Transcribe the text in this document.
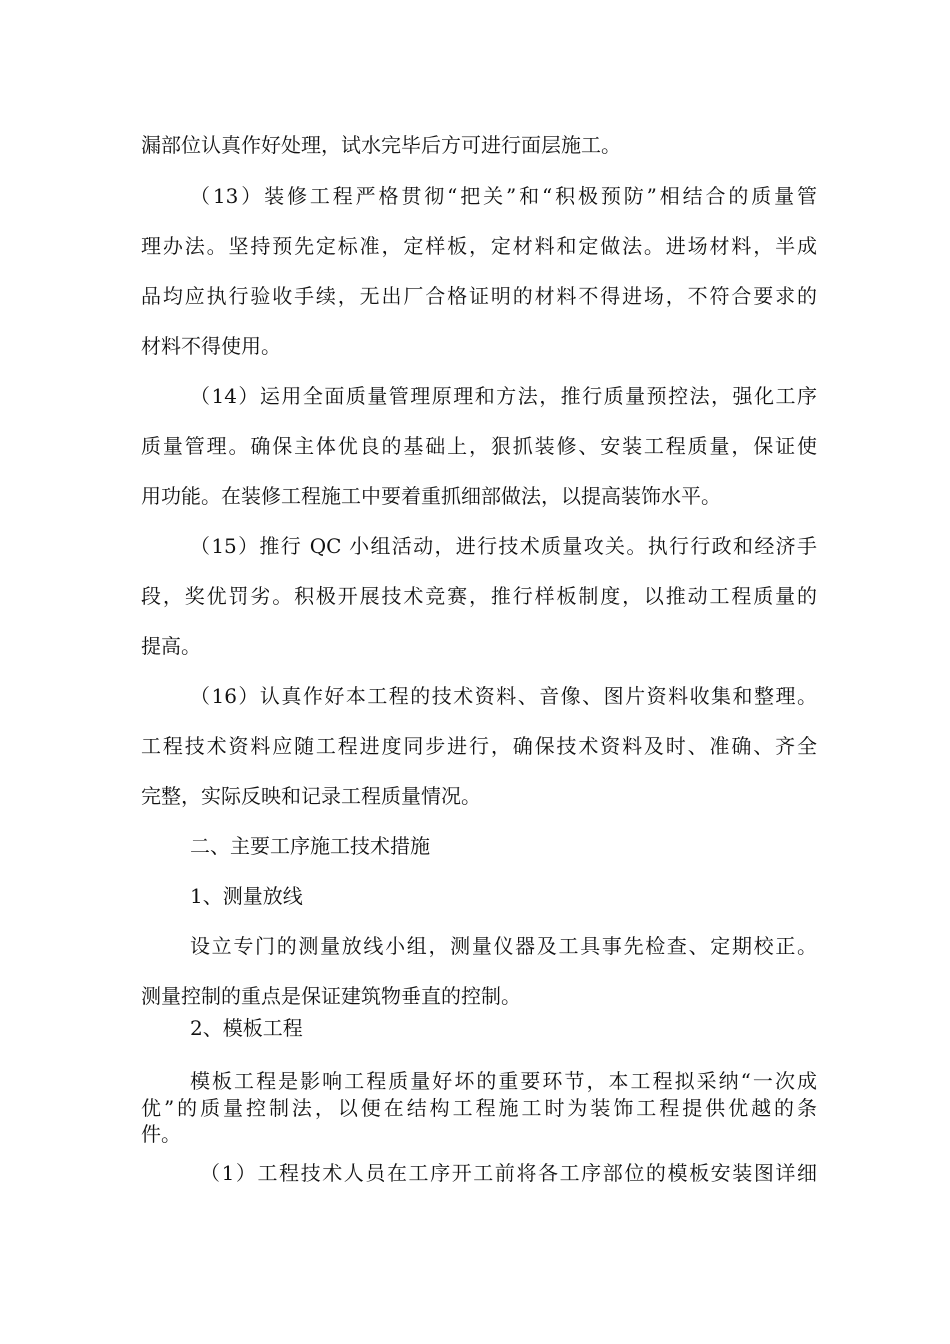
漏部位认真作好处理，试水完毕后方可进行面层施工。
（13）装修工程严格贯彻“把关”和“积极预防”相结合的质量管
理办法。坚持预先定标准，定样板，定材料和定做法。进场材料，半成
品均应执行验收手续，无出厂合格证明的材料不得进场，不符合要求的
材料不得使用。
（14）运用全面质量管理原理和方法，推行质量预控法，强化工序
质量管理。确保主体优良的基础上，狠抓装修、安装工程质量，保证使
用功能。在装修工程施工中要着重抓细部做法，以提高装饰水平。
（15）推行 QC 小组活动，进行技术质量攻关。执行行政和经济手
段，奖优罚劣。积极开展技术竞赛，推行样板制度，以推动工程质量的
提高。
（16）认真作好本工程的技术资料、音像、图片资料收集和整理。
工程技术资料应随工程进度同步进行，确保技术资料及时、准确、齐全
完整，实际反映和记录工程质量情况。
二、主要工序施工技术措施
1、测量放线
设立专门的测量放线小组，测量仪器及工具事先检查、定期校正。
测量控制的重点是保证建筑物垂直的控制。
2、模板工程
模板工程是影响工程质量好坏的重要环节，本工程拟采纳“一次成
优”的质量控制法，以便在结构工程施工时为装饰工程提供优越的条
件。
（1）工程技术人员在工序开工前将各工序部位的模板安装图详细
